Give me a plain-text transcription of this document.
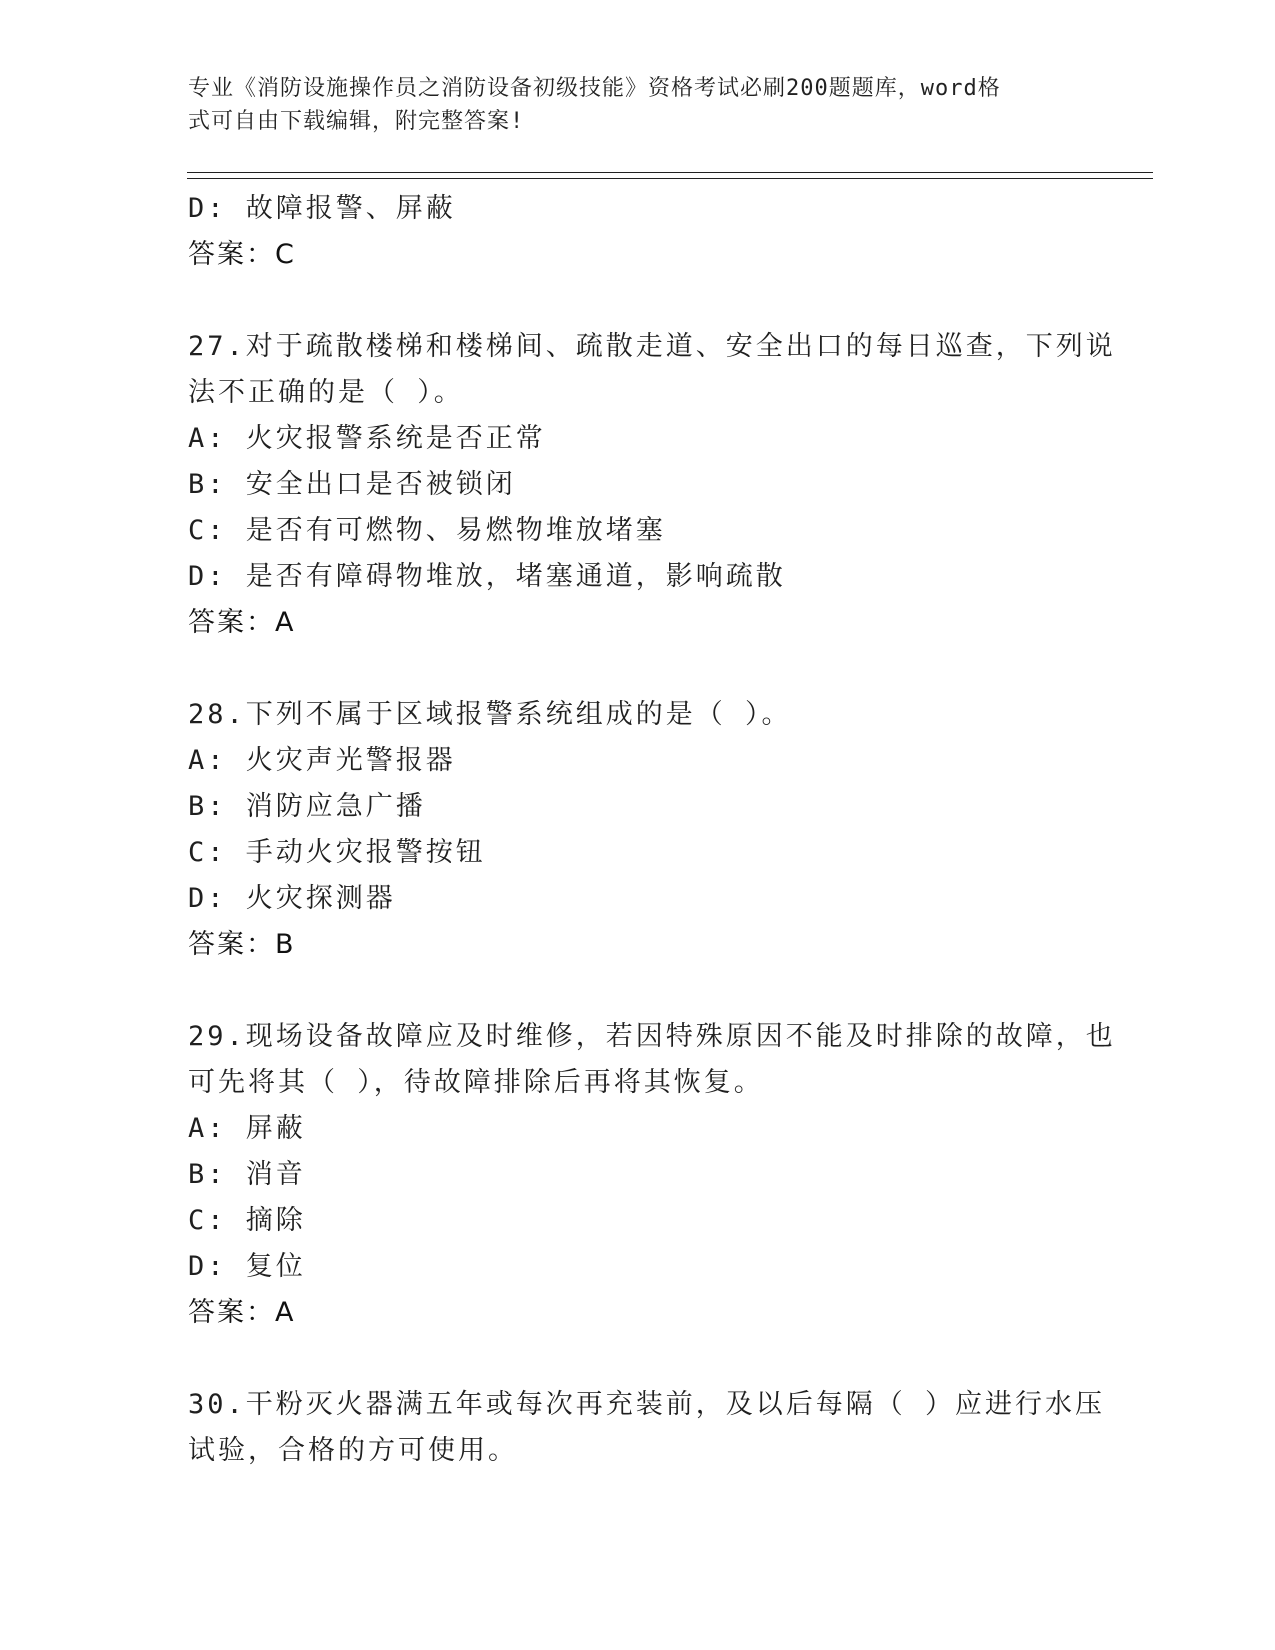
专业《消防设施操作员之消防设备初级技能》资格考试必刷200题题库，word格
式可自由下载编辑，附完整答案!
D: 故障报警、屏蔽
答案：C
27.对于疏散楼梯和楼梯间、疏散走道、安全出口的每日巡查，下列说
法不正确的是（ ）。
A: 火灾报警系统是否正常
B: 安全出口是否被锁闭
C: 是否有可燃物、易燃物堆放堵塞
D: 是否有障碍物堆放，堵塞通道，影响疏散
答案：A
28.下列不属于区域报警系统组成的是（ ）。
A: 火灾声光警报器
B: 消防应急广播
C: 手动火灾报警按钮
D: 火灾探测器
答案：B
29.现场设备故障应及时维修，若因特殊原因不能及时排除的故障，也
可先将其（ ），待故障排除后再将其恢复。
A: 屏蔽
B: 消音
C: 摘除
D: 复位
答案：A
30.干粉灭火器满五年或每次再充装前，及以后每隔（ ）应进行水压
试验，合格的方可使用。
